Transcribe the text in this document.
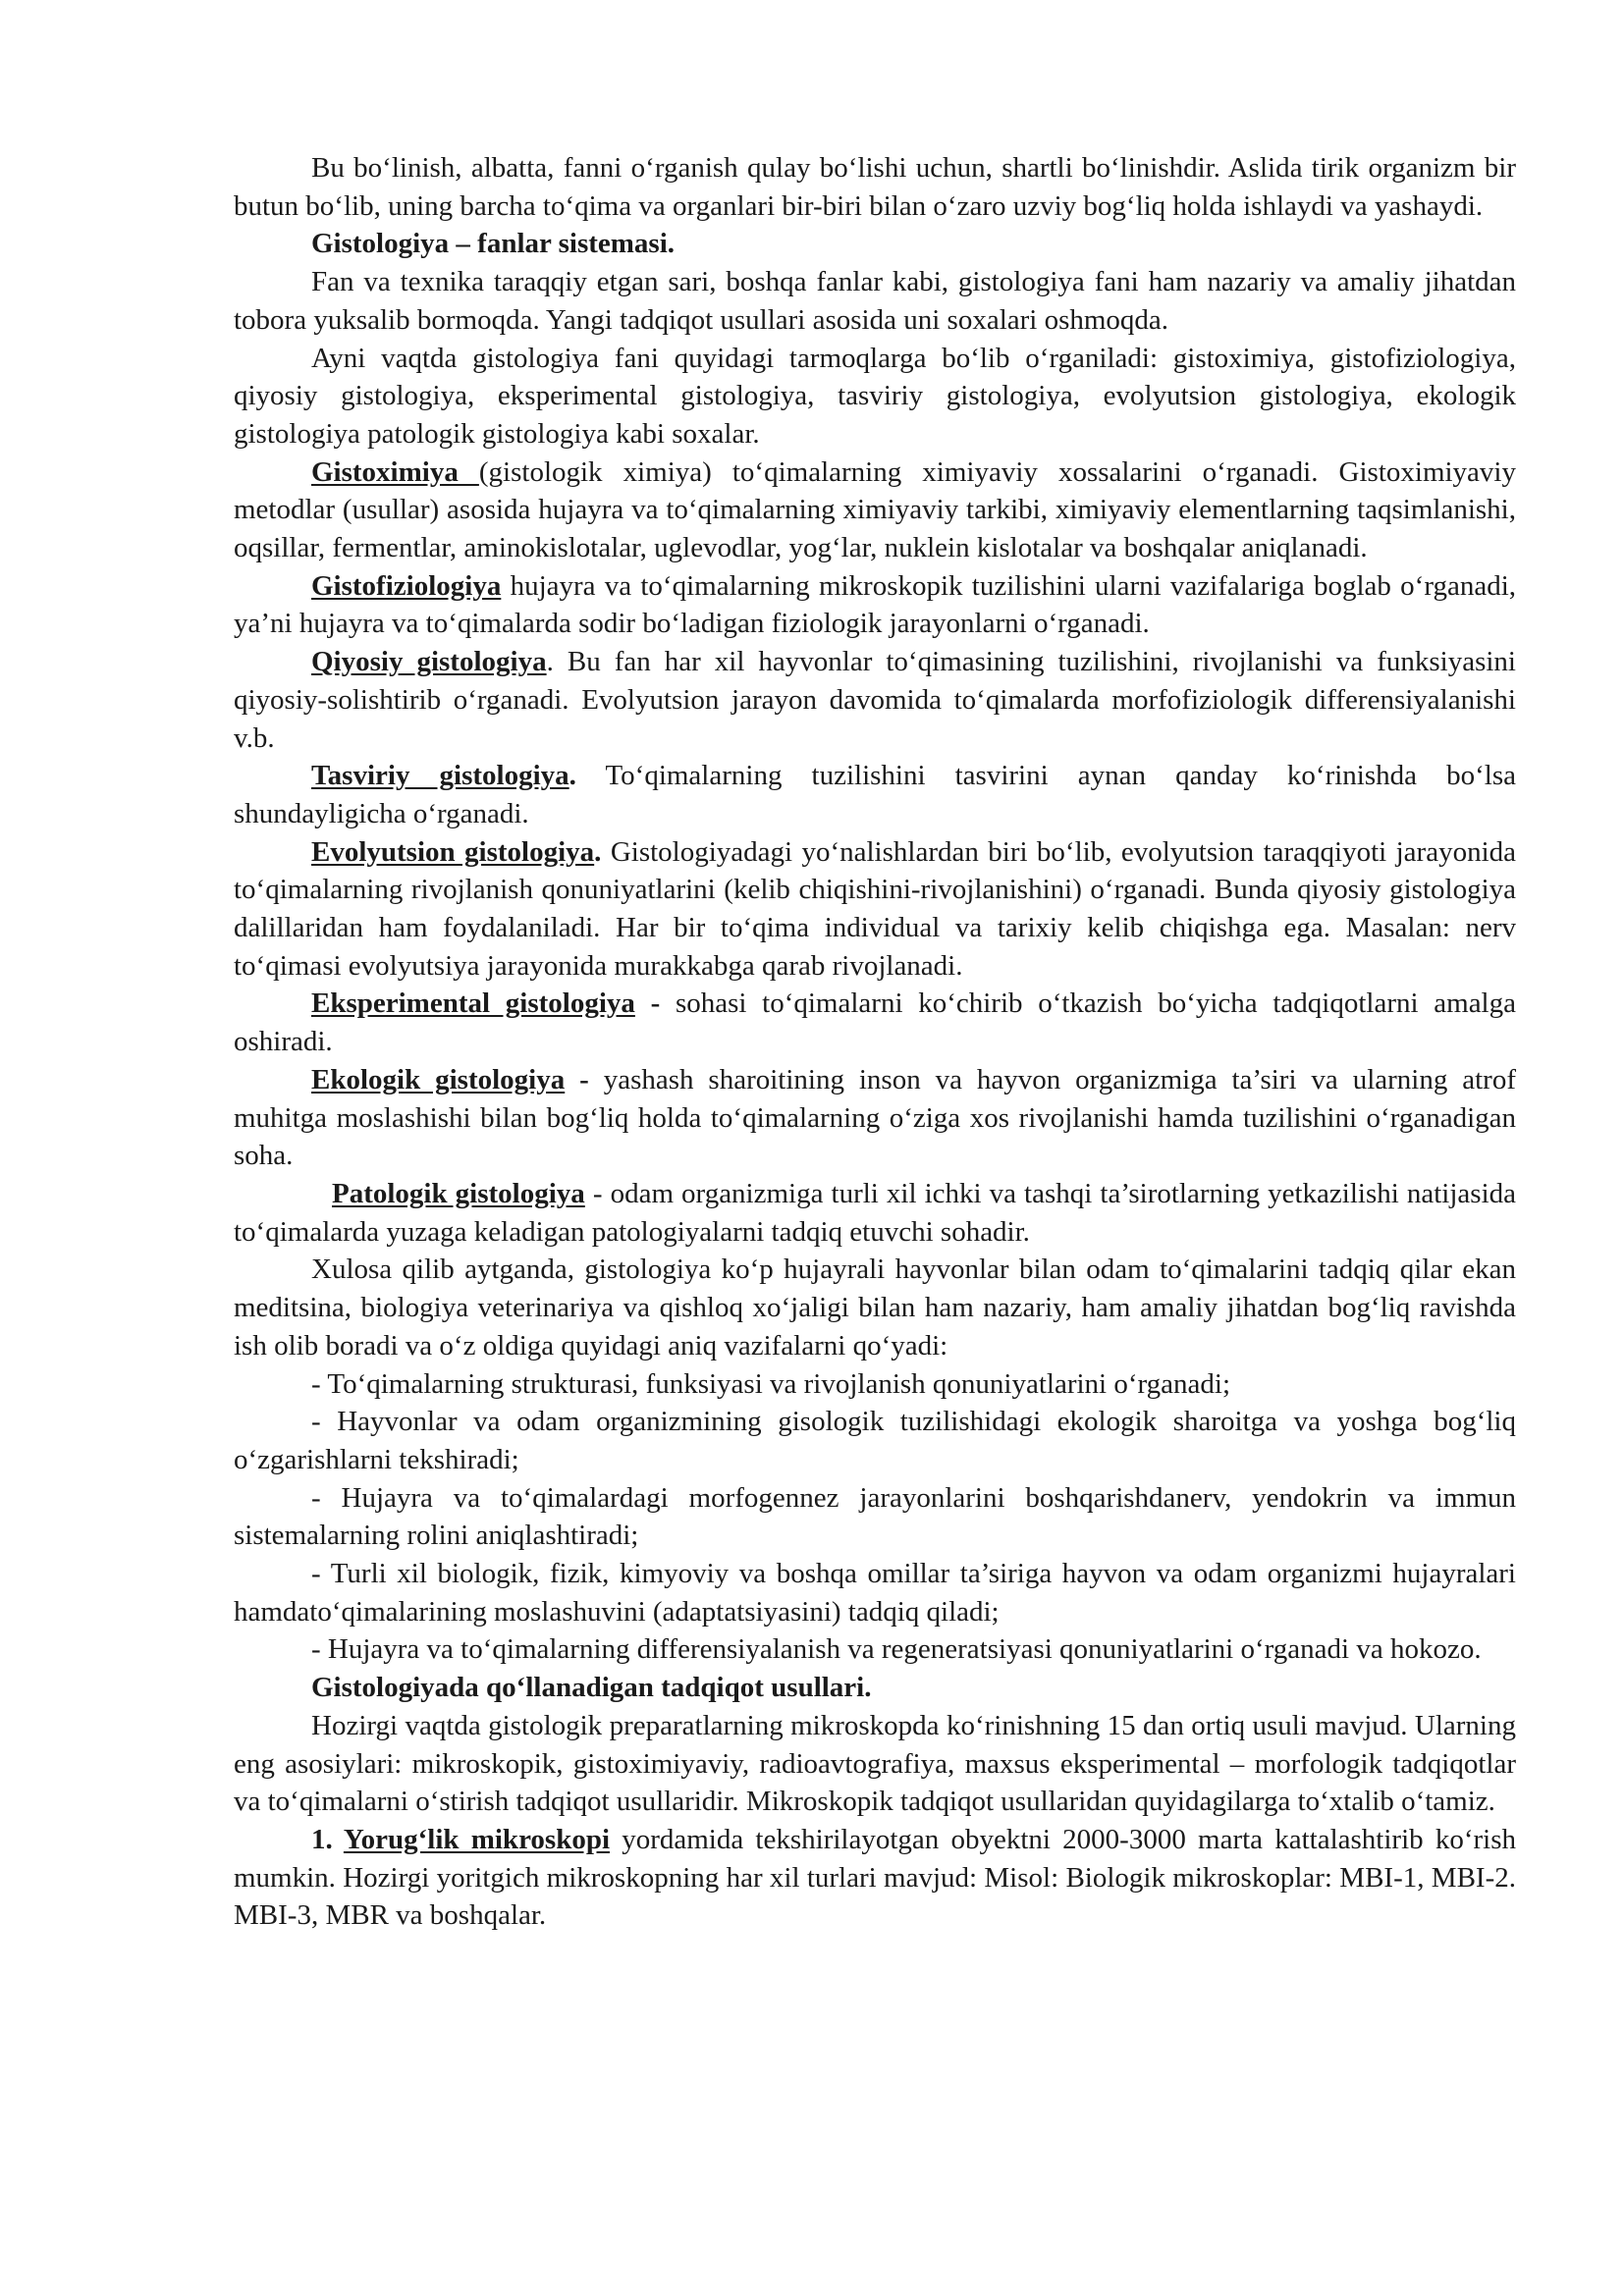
Bu bo‘linish, albatta, fanni o‘rganish qulay bo‘lishi uchun, shartli bo‘linishdir. Aslida tirik organizm bir butun bo‘lib, uning barcha to‘qima va organlari bir-biri bilan o‘zaro uzviy bog‘liq holda ishlaydi va yashaydi.

Gistologiya – fanlar sistemasi.

Fan va texnika taraqqiy etgan sari, boshqa fanlar kabi, gistologiya fani ham nazariy va amaliy jihatdan tobora yuksalib bormoqda. Yangi tadqiqot usullari asosida uni soxalari oshmoqda.

Ayni vaqtda gistologiya fani quyidagi tarmoqlarga bo‘lib o‘rganiladi: gistoximiya, gistofiziologiya, qiyosiy gistologiya, eksperimental gistologiya, tasviriy gistologiya, evolyutsion gistologiya, ekologik gistologiya patologik gistologiya kabi soxalar.

Gistoximiya (gistologik ximiya) to‘qimalarning ximiyaviy xossalarini o‘rganadi. Gistoximiyaviy metodlar (usullar) asosida hujayra va to‘qimalarning ximiyaviy tarkibi, ximiyaviy elementlarning taqsimlanishi, oqsillar, fermentlar, aminokislotalar, uglevodlar, yog‘lar, nuklein kislotalar va boshqalar aniqlanadi.

Gistofiziologiya hujayra va to‘qimalarning mikroskopik tuzilishini ularni vazifalariga boglab o‘rganadi, ya’ni hujayra va to‘qimalarda sodir bo‘ladigan fiziologik jarayonlarni o‘rganadi.

Qiyosiy gistologiya. Bu fan har xil hayvonlar to‘qimasining tuzilishini, rivojlanishi va funksiyasini qiyosiy-solishtirib o‘rganadi. Evolyutsion jarayon davomida to‘qimalarda morfofiziologik differensiyalanishi v.b.

Tasviriy gistologiya. To‘qimalarning tuzilishini tasvirini aynan qanday ko‘rinishda bo‘lsa shundayligicha o‘rganadi.

Evolyutsion gistologiya. Gistologiyadagi yo‘nalishlardan biri bo‘lib, evolyutsion taraqqiyoti jarayonida to‘qimalarning rivojlanish qonuniyatlarini (kelib chiqishini-rivojlanishini) o‘rganadi. Bunda qiyosiy gistologiya dalillaridan ham foydalaniladi. Har bir to‘qima individual va tarixiy kelib chiqishga ega. Masalan: nerv to‘qimasi evolyutsiya jarayonida murakkabga qarab rivojlanadi.

Eksperimental gistologiya - sohasi to‘qimalarni ko‘chirib o‘tkazish bo‘yicha tadqiqotlarni amalga oshiradi.

Ekologik gistologiya - yashash sharoitining inson va hayvon organizmiga ta’siri va ularning atrof muhitga moslashishi bilan bog‘liq holda to‘qimalarning o‘ziga xos rivojlanishi hamda tuzilishini o‘rganadigan soha.

Patologik gistologiya - odam organizmiga turli xil ichki va tashqi ta’sirotlarning yetkazilishi natijasida to‘qimalarda yuzaga keladigan patologiyalarni tadqiq etuvchi sohadir.

Xulosa qilib aytganda, gistologiya ko‘p hujayrali hayvonlar bilan odam to‘qimalarini tadqiq qilar ekan meditsina, biologiya veterinariya va qishloq xo‘jaligi bilan ham nazariy, ham amaliy jihatdan bog‘liq ravishda ish olib boradi va o‘z oldiga quyidagi aniq vazifalarni qo‘yadi:

- To‘qimalarning strukturasi, funksiyasi va rivojlanish qonuniyatlarini o‘rganadi;

- Hayvonlar va odam organizmining gisologik tuzilishidagi ekologik sharoitga va yoshga bog‘liq o‘zgarishlarni tekshiradi;

- Hujayra va to‘qimalardagi morfogennez jarayonlarini boshqarishdanerv, yendokrin va immun sistemalarning rolini aniqlashtiradi;

- Turli xil biologik, fizik, kimyoviy va boshqa omillar ta’siriga hayvon va odam organizmi hujayralari hamdato‘qimalarining moslashuvini (adaptatsiyasini) tadqiq qiladi;

- Hujayra va to‘qimalarning differensiyalanish va regeneratsiyasi qonuniyatlarini o‘rganadi va hokozo.

Gistologiyada qo‘llanadigan tadqiqot usullari.

Hozirgi vaqtda gistologik preparatlarning mikroskopda ko‘rinishning 15 dan ortiq usuli mavjud. Ularning eng asosiylari: mikroskopik, gistoximiyaviy, radioavtografiya, maxsus eksperimental – morfologik tadqiqotlar va to‘qimalarni o‘stirish tadqiqot usullaridir. Mikroskopik tadqiqot usullaridan quyidagilarga to‘xtalib o‘tamiz.

1. Yorug‘lik mikroskopi yordamida tekshirilayotgan obyektni 2000-3000 marta kattalashtirib ko‘rish mumkin. Hozirgi yoritgich mikroskopning har xil turlari mavjud: Misol: Biologik mikroskoplar: MBI-1, MBI-2. MBI-3, MBR va boshqalar.
